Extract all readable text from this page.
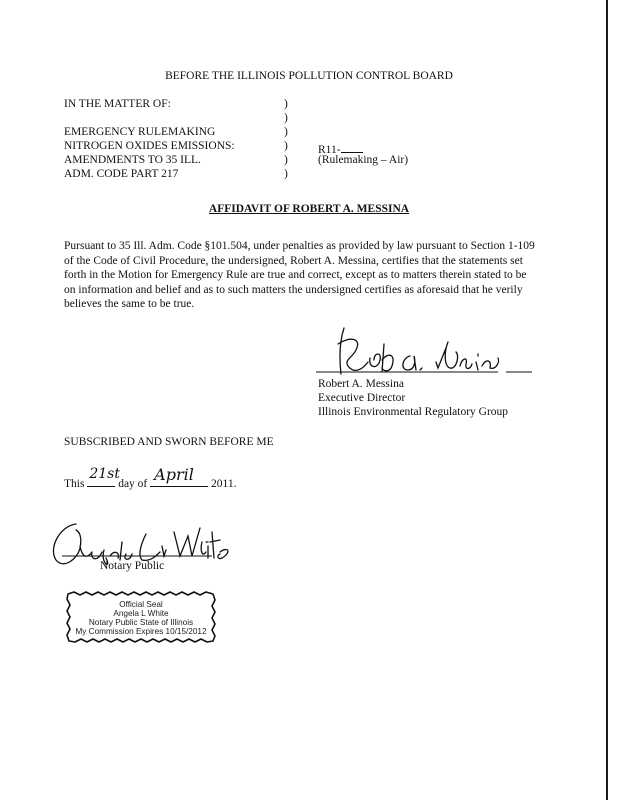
BEFORE THE ILLINOIS POLLUTION CONTROL BOARD
IN THE MATTER OF:
EMERGENCY RULEMAKING
NITROGEN OXIDES EMISSIONS:
AMENDMENTS TO 35 ILL.
ADM. CODE PART 217
)
)
)
)
)
)
R11-
(Rulemaking – Air)
AFFIDAVIT OF ROBERT A. MESSINA
Pursuant to 35 Ill. Adm. Code §101.504, under penalties as provided by law pursuant to Section 1-109 of the Code of Civil Procedure, the undersigned, Robert A. Messina, certifies that the statements set forth in the Motion for Emergency Rule are true and correct, except as to matters therein stated to be on information and belief and as to such matters the undersigned certifies as aforesaid that he verily believes the same to be true.
Robert A. Messina
Executive Director
Illinois Environmental Regulatory Group
SUBSCRIBED AND SWORN BEFORE ME
This
21st
day of April 2011.
Notary Public
Official Seal
Angela L White
Notary Public State of Illinois
My Commission Expires 10/15/2012
